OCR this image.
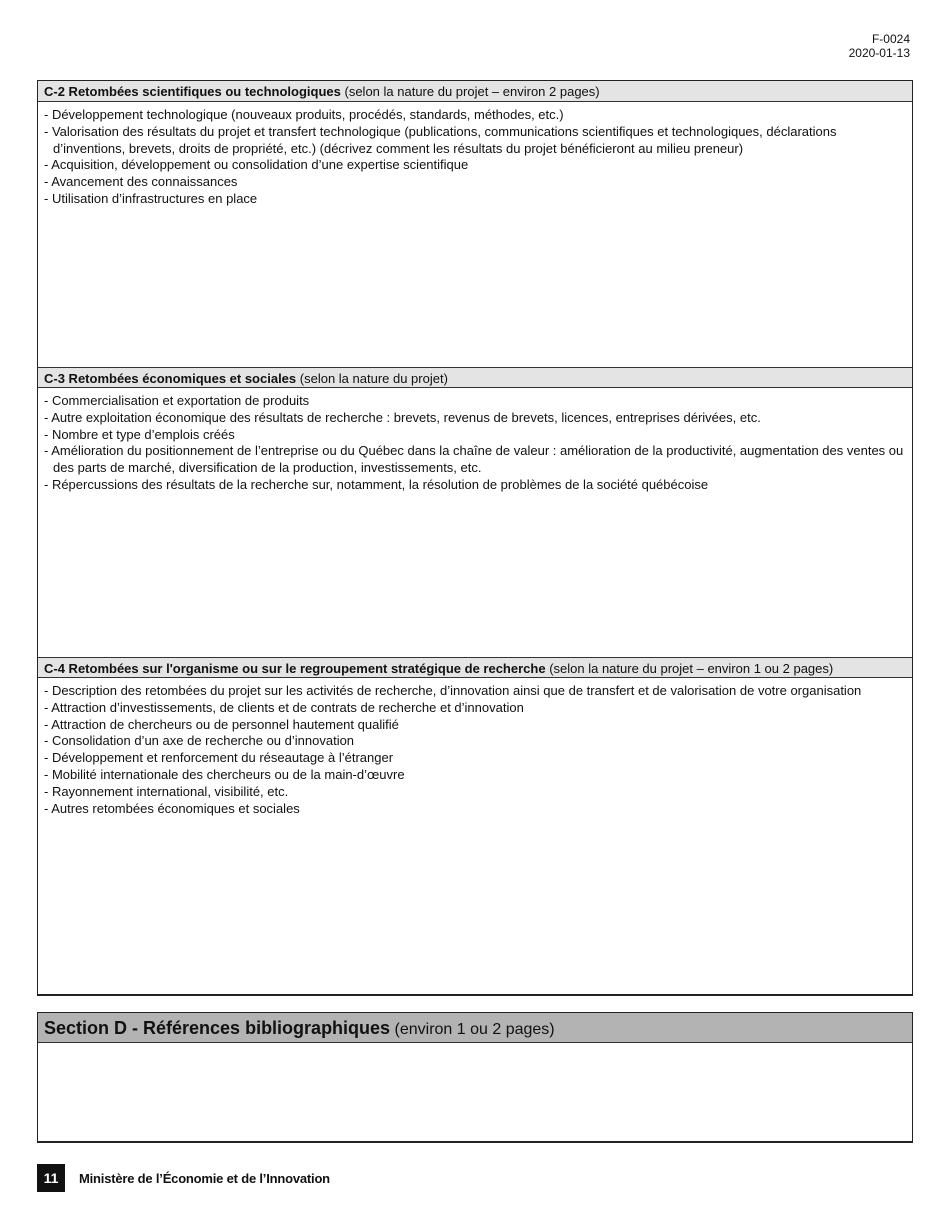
F-0024
2020-01-13
C-2 Retombées scientifiques ou technologiques (selon la nature du projet – environ 2 pages)
- Développement technologique (nouveaux produits, procédés, standards, méthodes, etc.)
- Valorisation des résultats du projet et transfert technologique (publications, communications scientifiques et technologiques, déclarations d’inventions, brevets, droits de propriété, etc.) (décrivez comment les résultats du projet bénéficieront au milieu preneur)
- Acquisition, développement ou consolidation d’une expertise scientifique
- Avancement des connaissances
- Utilisation d’infrastructures en place
C-3 Retombées économiques et sociales (selon la nature du projet)
- Commercialisation et exportation de produits
- Autre exploitation économique des résultats de recherche : brevets, revenus de brevets, licences, entreprises dérivées, etc.
- Nombre et type d’emplois créés
- Amélioration du positionnement de l’entreprise ou du Québec dans la chaîne de valeur : amélioration de la productivité, augmentation des ventes ou des parts de marché, diversification de la production, investissements, etc.
- Répercussions des résultats de la recherche sur, notamment, la résolution de problèmes de la société québécoise
C-4 Retombées sur l'organisme ou sur le regroupement stratégique de recherche (selon la nature du projet – environ 1 ou 2 pages)
- Description des retombées du projet sur les activités de recherche, d’innovation ainsi que de transfert et de valorisation de votre organisation
- Attraction d’investissements, de clients et de contrats de recherche et d’innovation
- Attraction de chercheurs ou de personnel hautement qualifié
- Consolidation d’un axe de recherche ou d’innovation
- Développement et renforcement du réseautage à l’étranger
- Mobilité internationale des chercheurs ou de la main-d’œuvre
- Rayonnement international, visibilité, etc.
- Autres retombées économiques et sociales
Section D - Références bibliographiques (environ 1 ou 2 pages)
11	Ministère de l’Économie et de l’Innovation
